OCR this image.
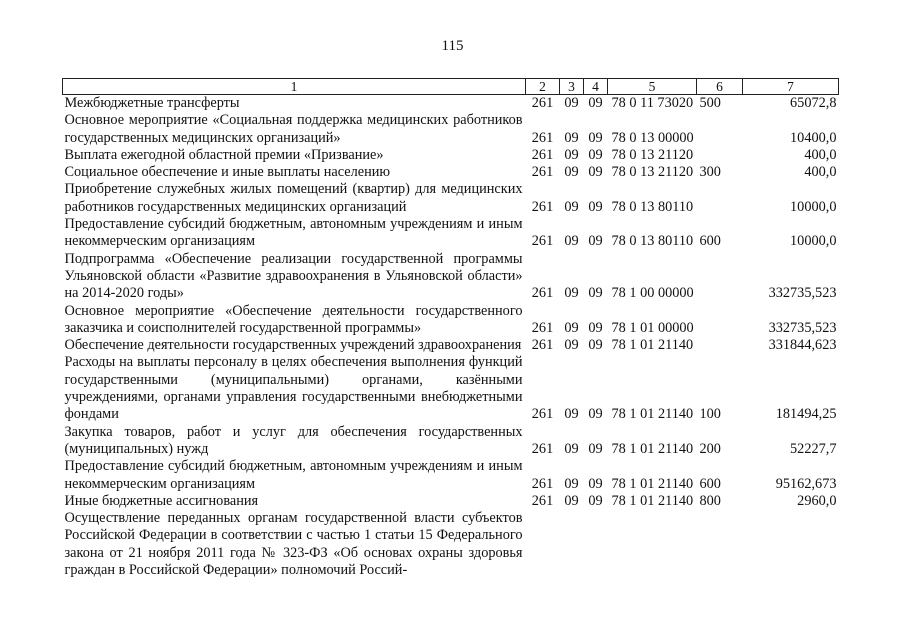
115
1	2	3	4	5	6	7
Межбюджетные трансферты	261	09	09	78 0 11 73020	500	65072,8
Основное мероприятие «Социальная поддержка медицинских работников государственных медицинских организаций»	261	09	09	78 0 13 00000		10400,0
Выплата ежегодной областной премии «Призвание»	261	09	09	78 0 13 21120		400,0
Социальное обеспечение и иные выплаты населению	261	09	09	78 0 13 21120	300	400,0
Приобретение служебных жилых помещений (квартир) для медицинских работников государственных медицинских организаций	261	09	09	78 0 13 80110		10000,0
Предоставление субсидий бюджетным, автономным учреждениям и иным некоммерческим организациям	261	09	09	78 0 13 80110	600	10000,0
Подпрограмма «Обеспечение реализации государственной программы Ульяновской области «Развитие здравоохранения в Ульяновской области» на 2014-2020 годы»	261	09	09	78 1 00 00000		332735,523
Основное мероприятие «Обеспечение деятельности государственного заказчика и соисполнителей государственной программы»	261	09	09	78 1 01 00000		332735,523
Обеспечение деятельности государственных учреждений здравоохранения	261	09	09	78 1 01 21140		331844,623
Расходы на выплаты персоналу в целях обеспечения выполнения функций государственными (муниципальными) органами, казёнными учреждениями, органами управления государственными внебюджетными фондами	261	09	09	78 1 01 21140	100	181494,25
Закупка товаров, работ и услуг для обеспечения государственных (муниципальных) нужд	261	09	09	78 1 01 21140	200	52227,7
Предоставление субсидий бюджетным, автономным учреждениям и иным некоммерческим организациям	261	09	09	78 1 01 21140	600	95162,673
Иные бюджетные ассигнования	261	09	09	78 1 01 21140	800	2960,0
Осуществление переданных органам государственной власти субъектов Российской Федерации в соответствии с частью 1 статьи 15 Федерального закона от 21 ноября 2011 года № 323-ФЗ «Об основах охраны здоровья граждан в Российской Федерации» полномочий Россий-						
